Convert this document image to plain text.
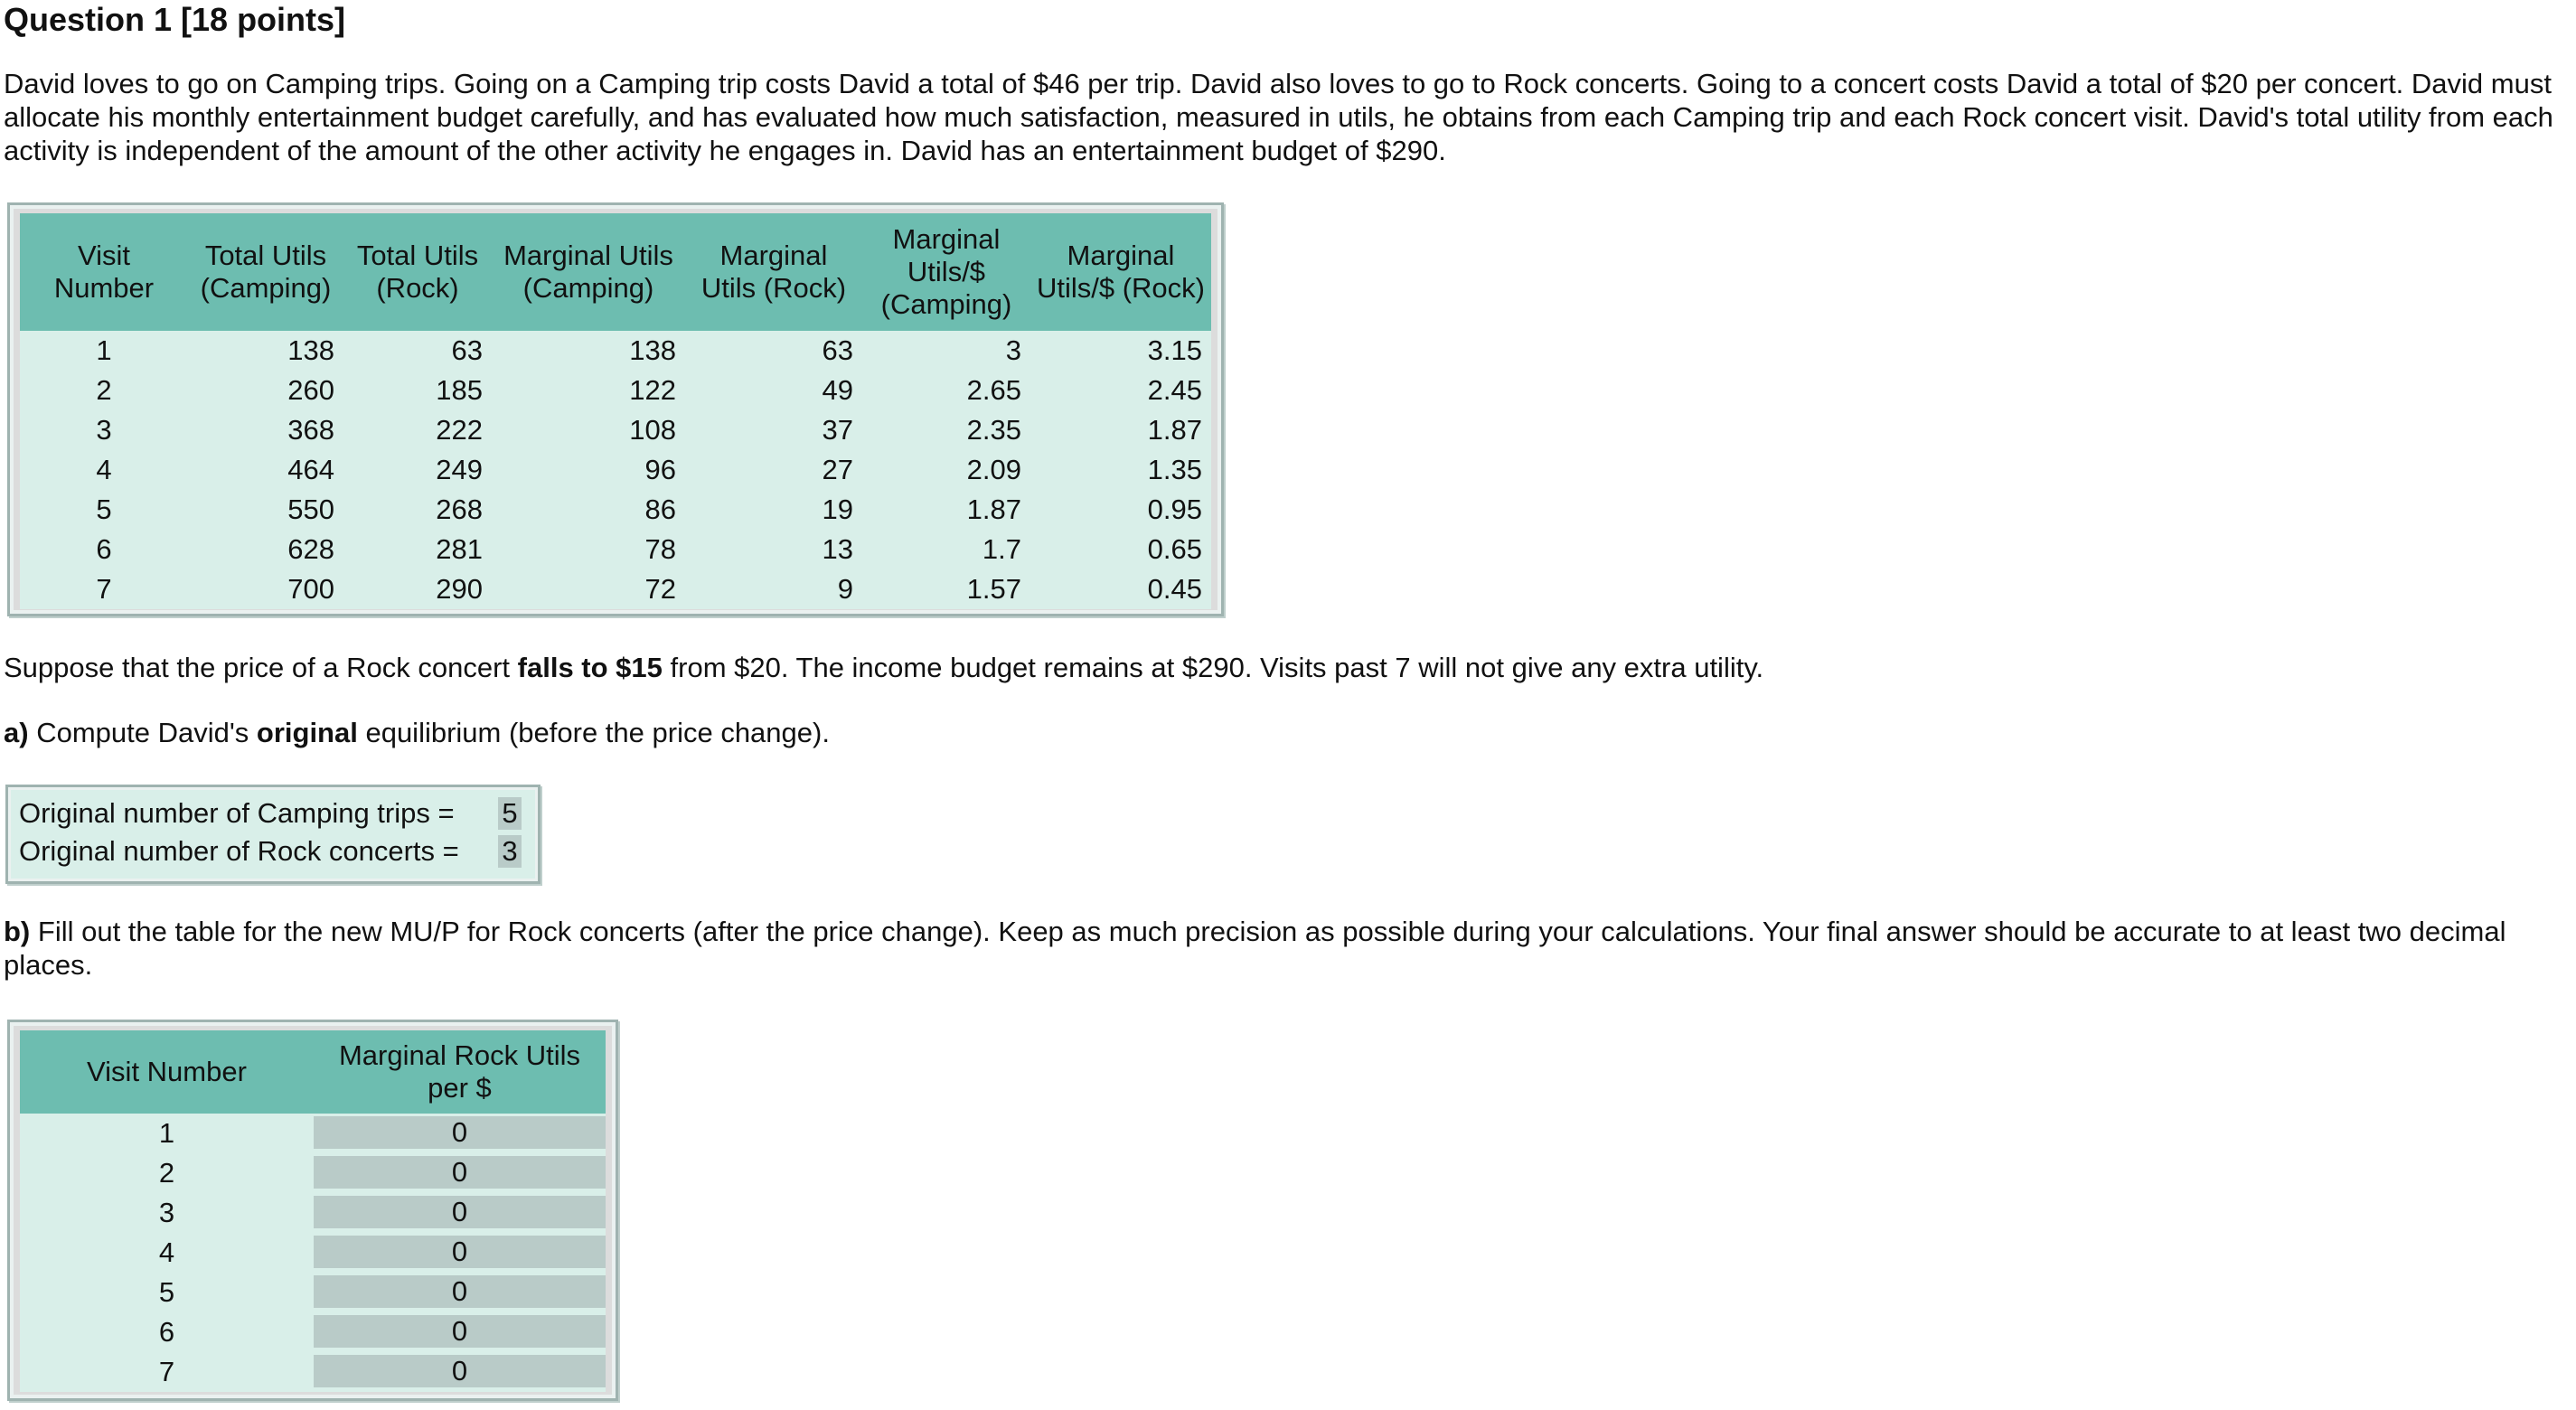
Question 1 [18 points]
David loves to go on Camping trips. Going on a Camping trip costs David a total of $46 per trip. David also loves to go to Rock concerts. Going to a concert costs David a total of $20 per concert. David must allocate his monthly entertainment budget carefully, and has evaluated how much satisfaction, measured in utils, he obtains from each Camping trip and each Rock concert visit. David's total utility from each activity is independent of the amount of the other activity he engages in. David has an entertainment budget of $290.
Visit Number	Total Utils (Camping)	Total Utils (Rock)	Marginal Utils (Camping)	Marginal Utils (Rock)	Marginal Utils/$ (Camping)	Marginal Utils/$ (Rock)
1	138	63	138	63	3	3.15
2	260	185	122	49	2.65	2.45
3	368	222	108	37	2.35	1.87
4	464	249	96	27	2.09	1.35
5	550	268	86	19	1.87	0.95
6	628	281	78	13	1.7	0.65
7	700	290	72	9	1.57	0.45
Suppose that the price of a Rock concert falls to $15 from $20. The income budget remains at $290. Visits past 7 will not give any extra utility.
a) Compute David's original equilibrium (before the price change).
Original number of Camping trips =	5
Original number of Rock concerts =	3
b) Fill out the table for the new MU/P for Rock concerts (after the price change). Keep as much precision as possible during your calculations. Your final answer should be accurate to at least two decimal places.
Visit Number	Marginal Rock Utils per $
1	0

2	0

3	0

4	0

5	0

6	0

7	0
